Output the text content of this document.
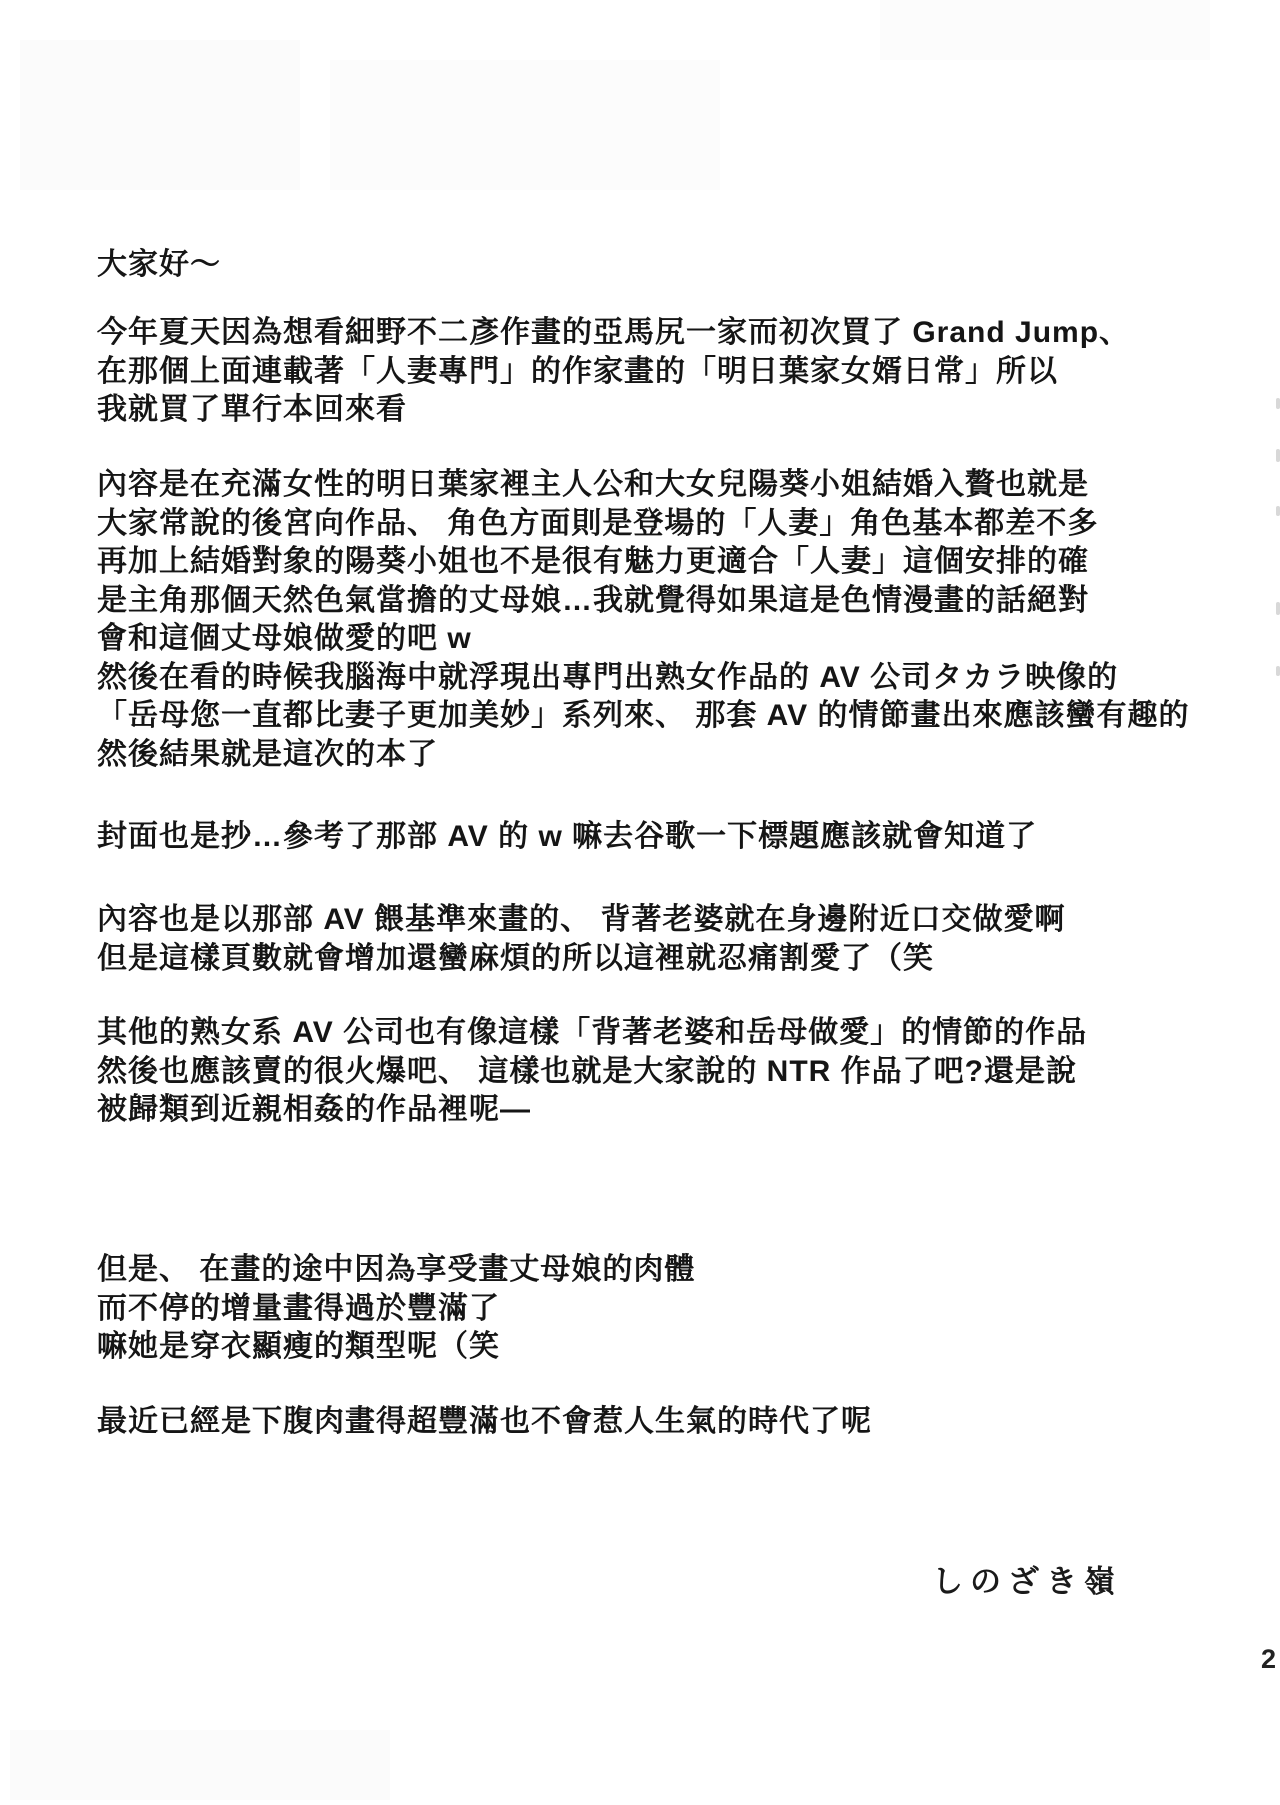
大家好～
今年夏天因為想看細野不二彥作畫的亞馬尻一家而初次買了 Grand Jump、
在那個上面連載著「人妻專門」的作家畫的「明日葉家女婿日常」所以
我就買了單行本回來看
內容是在充滿女性的明日葉家裡主人公和大女兒陽葵小姐結婚入贅也就是
大家常說的後宮向作品、 角色方面則是登場的「人妻」角色基本都差不多
再加上結婚對象的陽葵小姐也不是很有魅力更適合「人妻」這個安排的確
是主角那個天然色氣當擔的丈母娘…我就覺得如果這是色情漫畫的話絕對
會和這個丈母娘做愛的吧 w
然後在看的時候我腦海中就浮現出專門出熟女作品的 AV 公司タカラ映像的
「岳母您一直都比妻子更加美妙」系列來、 那套 AV 的情節畫出來應該蠻有趣的
然後結果就是這次的本了
封面也是抄…參考了那部 AV 的 w 嘛去谷歌一下標題應該就會知道了
內容也是以那部 AV 餵基準來畫的、 背著老婆就在身邊附近口交做愛啊
但是這樣頁數就會增加還蠻麻煩的所以這裡就忍痛割愛了（笑
其他的熟女系 AV 公司也有像這樣「背著老婆和岳母做愛」的情節的作品
然後也應該賣的很火爆吧、 這樣也就是大家說的 NTR 作品了吧?還是說
被歸類到近親相姦的作品裡呢—
但是、 在畫的途中因為享受畫丈母娘的肉體
而不停的增量畫得過於豐滿了
嘛她是穿衣顯瘦的類型呢（笑
最近已經是下腹肉畫得超豐滿也不會惹人生氣的時代了呢
しのざき嶺
2
